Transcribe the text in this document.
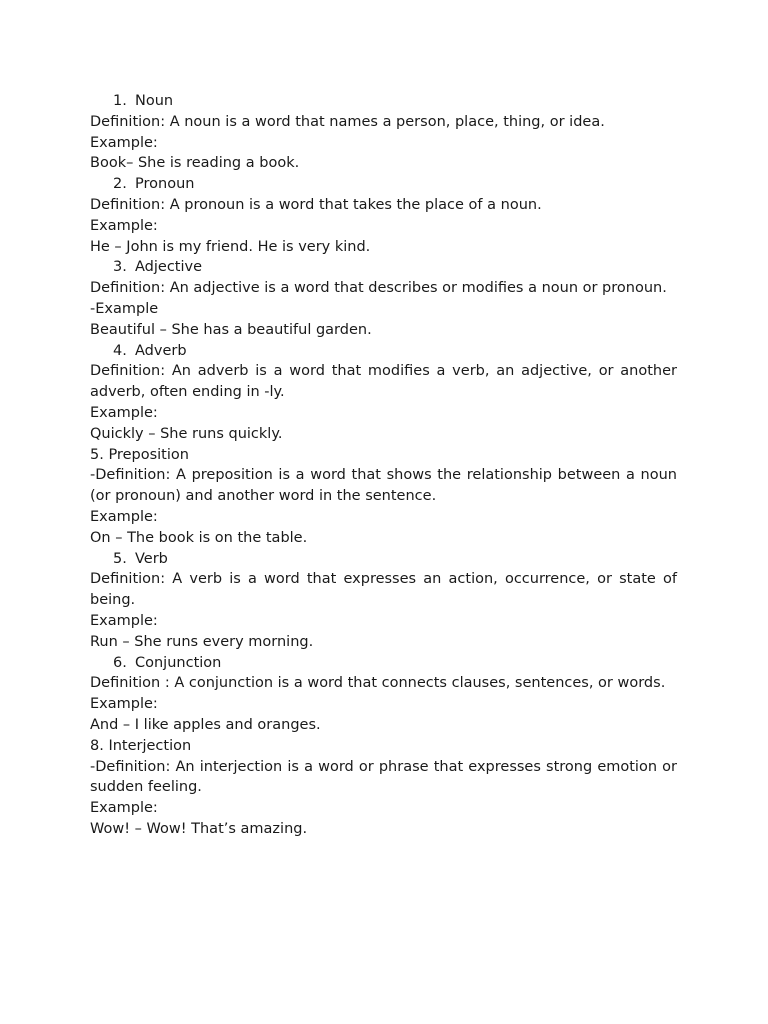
1. Noun

Definition: A noun is a word that names a person, place, thing, or idea.

Example:

Book– She is reading a book.

2. Pronoun

Definition: A pronoun is a word that takes the place of a noun.

Example:

He – John is my friend. He is very kind.

3. Adjective

Definition: An adjective is a word that describes or modifies a noun or pronoun.

-Example

Beautiful – She has a beautiful garden.

4. Adverb

Definition: An adverb is a word that modifies a verb, an adjective, or another adverb, often ending in -ly.

Example:

Quickly – She runs quickly.

5. Preposition

-Definition: A preposition is a word that shows the relationship between a noun (or pronoun) and another word in the sentence.

Example:

On – The book is on the table.

5. Verb

Definition: A verb is a word that expresses an action, occurrence, or state of being.

Example:

Run – She runs every morning.

6. Conjunction

Definition : A conjunction is a word that connects clauses, sentences, or words.

Example:

And – I like apples and oranges.

8. Interjection

-Definition: An interjection is a word or phrase that expresses strong emotion or sudden feeling.

Example:

Wow! – Wow! That’s amazing.
